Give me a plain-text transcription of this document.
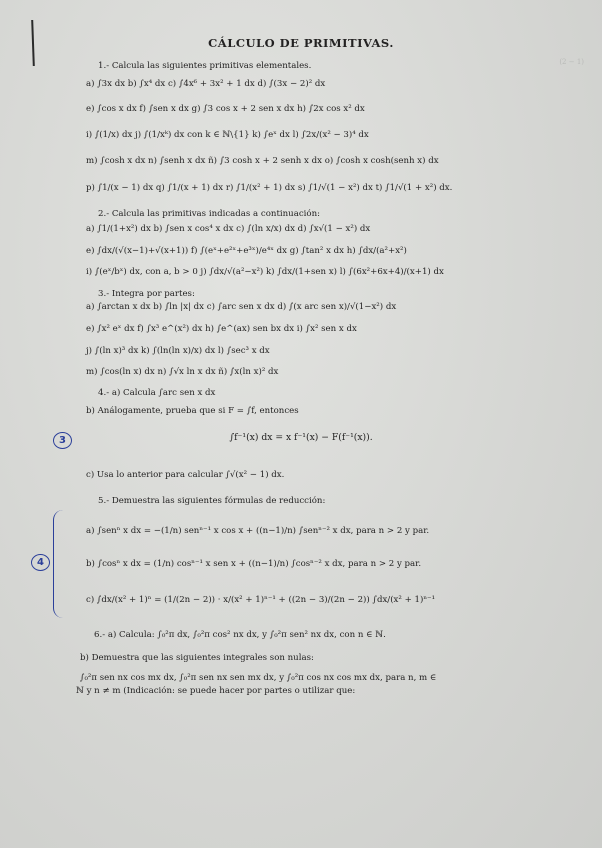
(2 − 1)
CÁLCULO DE PRIMITIVAS.
1.- Calcula las siguientes primitivas elementales.
a) ∫3x dx b) ∫x⁴ dx c) ∫4x⁶ + 3x² + 1 dx d) ∫(3x − 2)² dx
e) ∫cos x dx f) ∫sen x dx g) ∫3 cos x + 2 sen x dx h) ∫2x cos x² dx
i) ∫(1/x) dx j) ∫(1/xᵏ) dx con k ∈ ℕ\{1} k) ∫eˣ dx l) ∫2x/(x² − 3)⁴ dx
m) ∫cosh x dx n) ∫senh x dx ñ) ∫3 cosh x + 2 senh x dx o) ∫cosh x cosh(senh x) dx
p) ∫1/(x − 1) dx q) ∫1/(x + 1) dx r) ∫1/(x² + 1) dx s) ∫1/√(1 − x²) dx t) ∫1/√(1 + x²) dx.
2.- Calcula las primitivas indicadas a continuación:
a) ∫1/(1+x²) dx b) ∫sen x cos⁴ x dx c) ∫(ln x/x) dx d) ∫x√(1 − x²) dx
e) ∫dx/(√(x−1)+√(x+1)) f) ∫(eˣ+e²ˣ+e³ˣ)/e⁴ˣ dx g) ∫tan² x dx h) ∫dx/(a²+x²)
i) ∫(eˣ/bˣ) dx, con a, b > 0 j) ∫dx/√(a²−x²) k) ∫dx/(1+sen x) l) ∫(6x²+6x+4)/(x+1) dx
3.- Integra por partes:
a) ∫arctan x dx b) ∫ln |x| dx c) ∫arc sen x dx d) ∫(x arc sen x)/√(1−x²) dx
e) ∫x² eˣ dx f) ∫x³ e^(x²) dx h) ∫e^(ax) sen bx dx i) ∫x² sen x dx
j) ∫(ln x)³ dx k) ∫(ln(ln x)/x) dx l) ∫sec³ x dx
m) ∫cos(ln x) dx n) ∫√x ln x dx ñ) ∫x(ln x)² dx
4.- a) Calcula ∫arc sen x dx
b) Análogamente, prueba que si F = ∫f, entonces
3	∫f⁻¹(x) dx = x f⁻¹(x) − F(f⁻¹(x)).
c) Usa lo anterior para calcular ∫√(x² − 1) dx.
5.- Demuestra las siguientes fórmulas de reducción:
4
a) ∫senⁿ x dx = −(1/n) senⁿ⁻¹ x cos x + ((n−1)/n) ∫senⁿ⁻² x dx, para n > 2 y par.
b) ∫cosⁿ x dx = (1/n) cosⁿ⁻¹ x sen x + ((n−1)/n) ∫cosⁿ⁻² x dx, para n > 2 y par.
c) ∫dx/(x² + 1)ⁿ = (1/(2n − 2)) · x/(x² + 1)ⁿ⁻¹ + ((2n − 3)/(2n − 2)) ∫dx/(x² + 1)ⁿ⁻¹
6.- a) Calcula: ∫₀²π dx, ∫₀²π cos² nx dx, y ∫₀²π sen² nx dx, con n ∈ ℕ.
b) Demuestra que las siguientes integrales son nulas:
∫₀²π sen nx cos mx dx, ∫₀²π sen nx sen mx dx, y ∫₀²π cos nx cos mx dx, para n, m ∈
ℕ y n ≠ m (Indicación: se puede hacer por partes o utilizar que:
